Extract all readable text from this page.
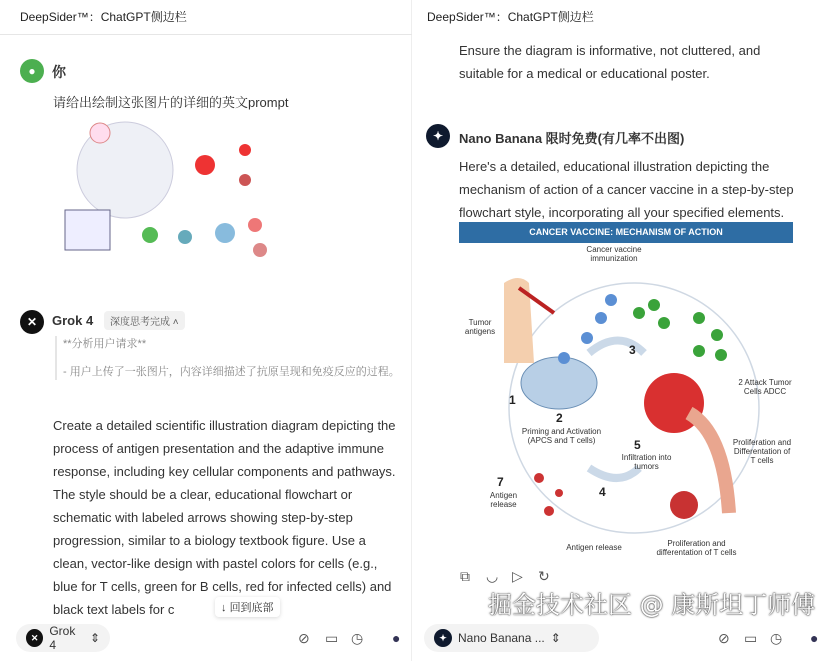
DeepSider™：ChatGPT侧边栏
●	你
请给出绘制这张图片的详细的英文prompt
✕	Grok 4	深度思考完成 ˄
**分析用户请求**
- 用户上传了一张图片，内容详细描述了抗原呈现和免疫反应的过程。
Create a detailed scientific illustration diagram depicting the
process of antigen presentation and the adaptive immune
response, including key cellular components and pathways.
The style should be a clear, educational flowchart or
schematic with labeled arrows showing step-by-step
progression, similar to a biology textbook figure. Use a
clean, vector-like design with pastel colors for cells (e.g.,
blue for T cells, green for B cells, red for infected cells) and
black text labels for c	↓ 回到底部
✕ Grok 4	⇕	⊘ ▭ ◷ ●
DeepSider™：ChatGPT侧边栏
Ensure the diagram is informative, not cluttered, and
suitable for a medical or educational poster.
✦	Nano Banana 限时免费(有几率不出图)
Here's a detailed, educational illustration depicting the
mechanism of action of a cancer vaccine in a step-by-step
flowchart style, incorporating all your specified elements.
CANCER VACCINE: MECHANISM OF ACTION
Cancer vaccine immunization
Tumor antigens
1
2
Priming and Activation (APCS and T cells)
3
5
Infiltration into tumors
7
Antigen release
4
Antigen release	Proliferation and differentation of T cells
2 Attack Tumor Cells ADCC
Proliferation and Differentation of T cells
⧉ ◡ ▷ ↻
✦ Nano Banana ... ⇕	⊘ ▭ ◷ ●
掘金技术社区 @ 康斯坦丁师傅
